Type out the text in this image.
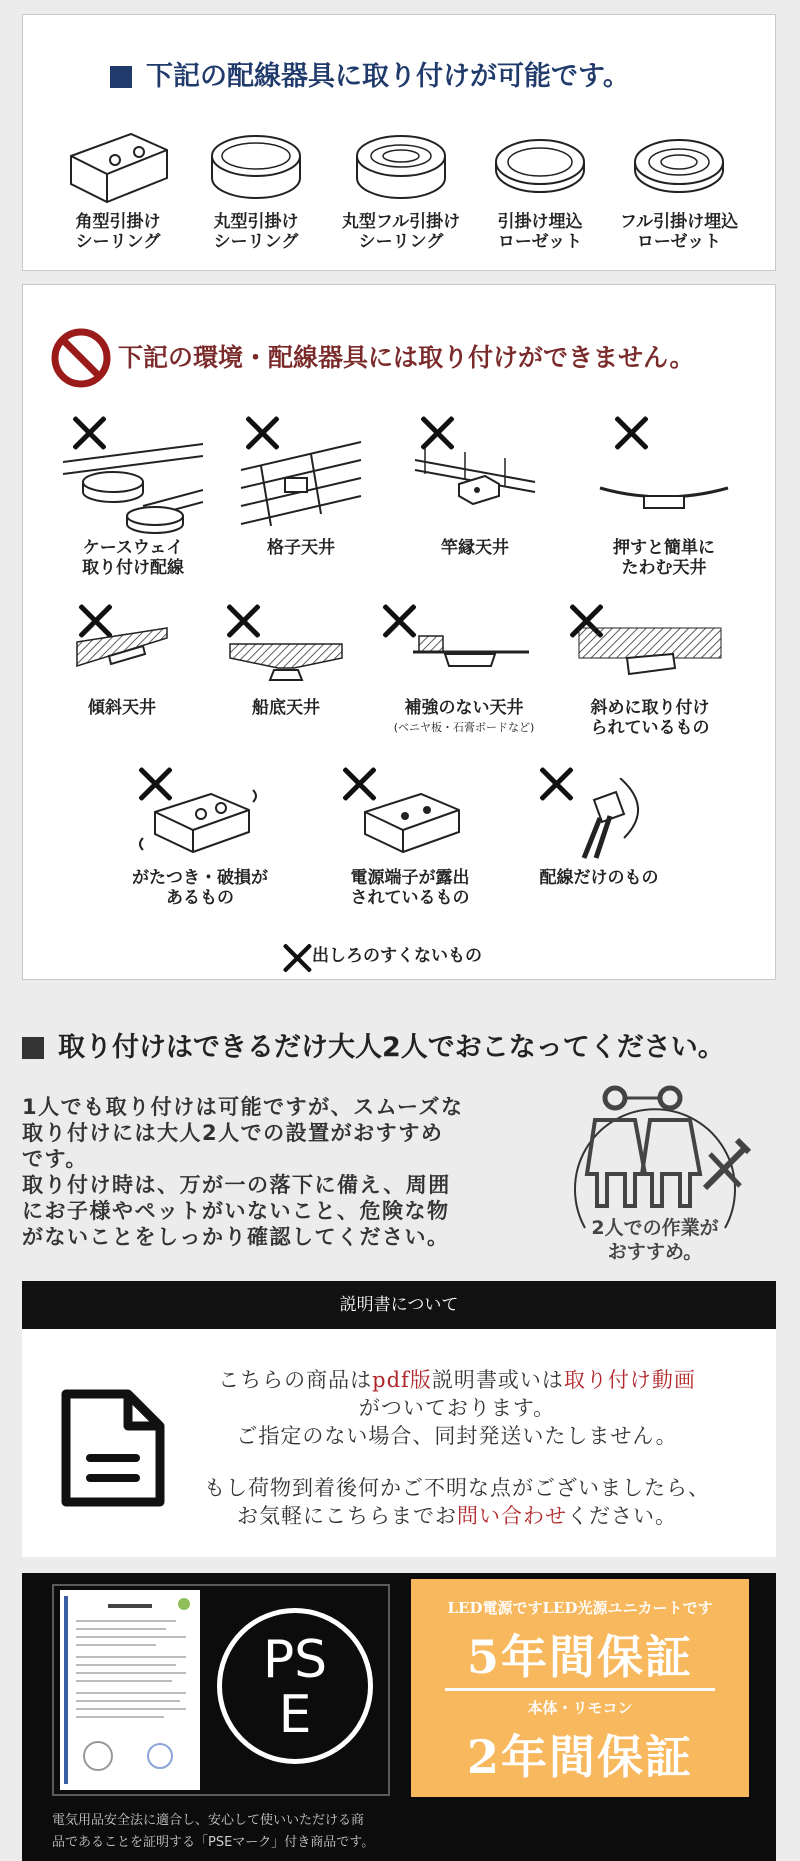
下記の配線器具に取り付けが可能です。
角型引掛け
シーリング
丸型引掛け
シーリング
丸型フル引掛け
シーリング
引掛け埋込
ローゼット
フル引掛け埋込
ローゼット
下記の環境・配線器具には取り付けができません。
ケースウェイ
取り付け配線
格子天井	竿縁天井	押すと簡単に
たわむ天井
傾斜天井	船底天井	補強のない天井
(ベニヤ板・石膏ボードなど)
斜めに取り付け
られているもの
がたつき・破損が
あるもの
電源端子が露出
されているもの
配線だけのもの
出しろのすくないもの
取り付けはできるだけ大人2人でおこなってください。
1人でも取り付けは可能ですが、スムーズな
取り付けには大人2人での設置がおすすめ
です。
取り付け時は、万が一の落下に備え、周囲
にお子様やペットがいないこと、危険な物
がないことをしっかり確認してください。	2人での作業が
おすすめ。
説明書について
こちらの商品はpdf版説明書或いは取り付け動画
がついております。
ご指定のない場合、同封発送いたしません。
もし荷物到着後何かご不明な点がございましたら、
お気軽にこちらまでお問い合わせください。
PS
E
LED電源ですLED光源ユニカートです
5年間保証
本体・リモコン
2年間保証
電気用品安全法に適合し、安心して使いいただける商
品であることを証明する「PSEマーク」付き商品です。
